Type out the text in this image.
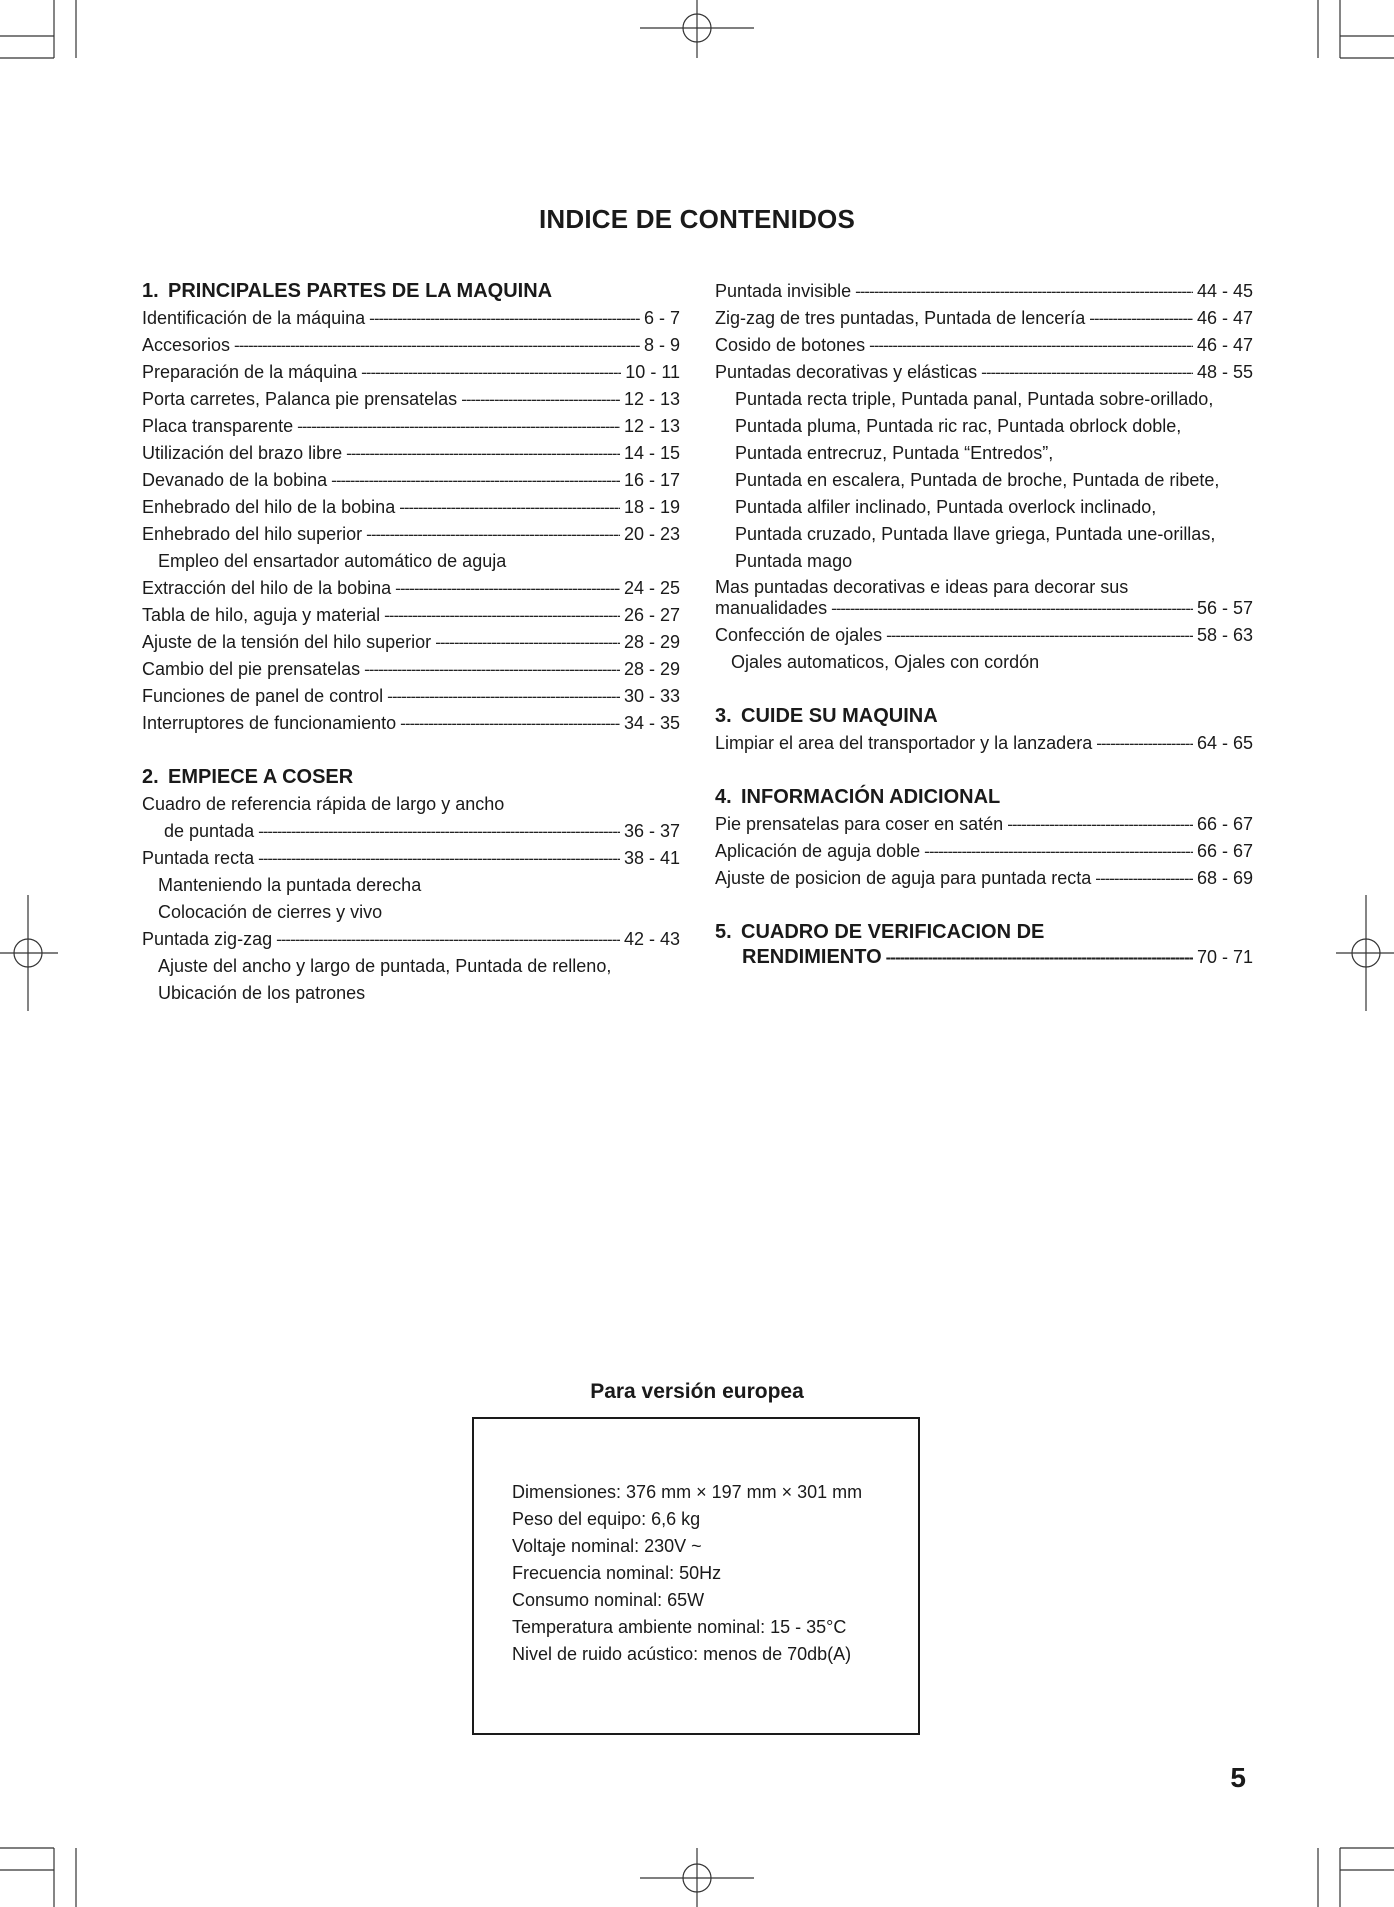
INDICE DE CONTENIDOS
1. PRINCIPALES PARTES DE LA MAQUINA
Identificación de la máquina -----	6 - 7
Accesorios -----	8 - 9
Preparación de la máquina -----	10 - 11
Porta carretes, Palanca pie prensatelas -----	12 - 13
Placa transparente -----	12 - 13
Utilización del brazo libre -----	14 - 15
Devanado de la bobina -----	16 - 17
Enhebrado del hilo de la bobina -----	18 - 19
Enhebrado del hilo superior -----	20 - 23
Empleo del ensartador automático de aguja
Extracción del hilo de la bobina -----	24 - 25
Tabla de hilo, aguja y material -----	26 - 27
Ajuste de la tensión del hilo superior -----	28 - 29
Cambio del pie prensatelas -----	28 - 29
Funciones de panel de control -----	30 - 33
Interruptores de funcionamiento -----	34 - 35
2. EMPIECE A COSER
Cuadro de referencia rápida de largo y ancho
de puntada -----	36 - 37
Puntada recta -----	38 - 41
Manteniendo la puntada derecha
Colocación de cierres y vivo
Puntada zig-zag -----	42 - 43
Ajuste del ancho y largo de puntada, Puntada de relleno,
Ubicación de los patrones
Puntada invisible -----	44 - 45
Zig-zag de tres puntadas, Puntada de lencería -----	46 - 47
Cosido de botones -----	46 - 47
Puntadas decorativas y elásticas -----	48 - 55
Puntada recta triple, Puntada panal, Puntada sobre-orillado,
Puntada pluma, Puntada ric rac, Puntada obrlock doble,
Puntada entrecruz, Puntada “Entredos”,
Puntada en escalera, Puntada de broche, Puntada de ribete,
Puntada alfiler inclinado, Puntada overlock inclinado,
Puntada cruzado, Puntada llave griega, Puntada une-orillas,
Puntada mago
Mas puntadas decorativas e ideas para decorar sus
manualidades -----	56 - 57
Confección de ojales -----	58 - 63
Ojales automaticos, Ojales con cordón
3. CUIDE SU MAQUINA
Limpiar el area del transportador y la lanzadera -----	64 - 65
4. INFORMACIÓN ADICIONAL
Pie prensatelas para coser en satén -----	66 - 67
Aplicación de aguja doble -----	66 - 67
Ajuste de posicion de aguja para puntada recta -----	68 - 69
5. CUADRO DE VERIFICACION DE
RENDIMIENTO -----	70 - 71
Para versión europea
Dimensiones: 376 mm × 197 mm × 301 mm
Peso del equipo: 6,6 kg
Voltaje nominal: 230V ~
Frecuencia nominal: 50Hz
Consumo nominal: 65W
Temperatura ambiente nominal: 15 - 35°C
Nivel de ruido acústico: menos de 70db(A)
5
